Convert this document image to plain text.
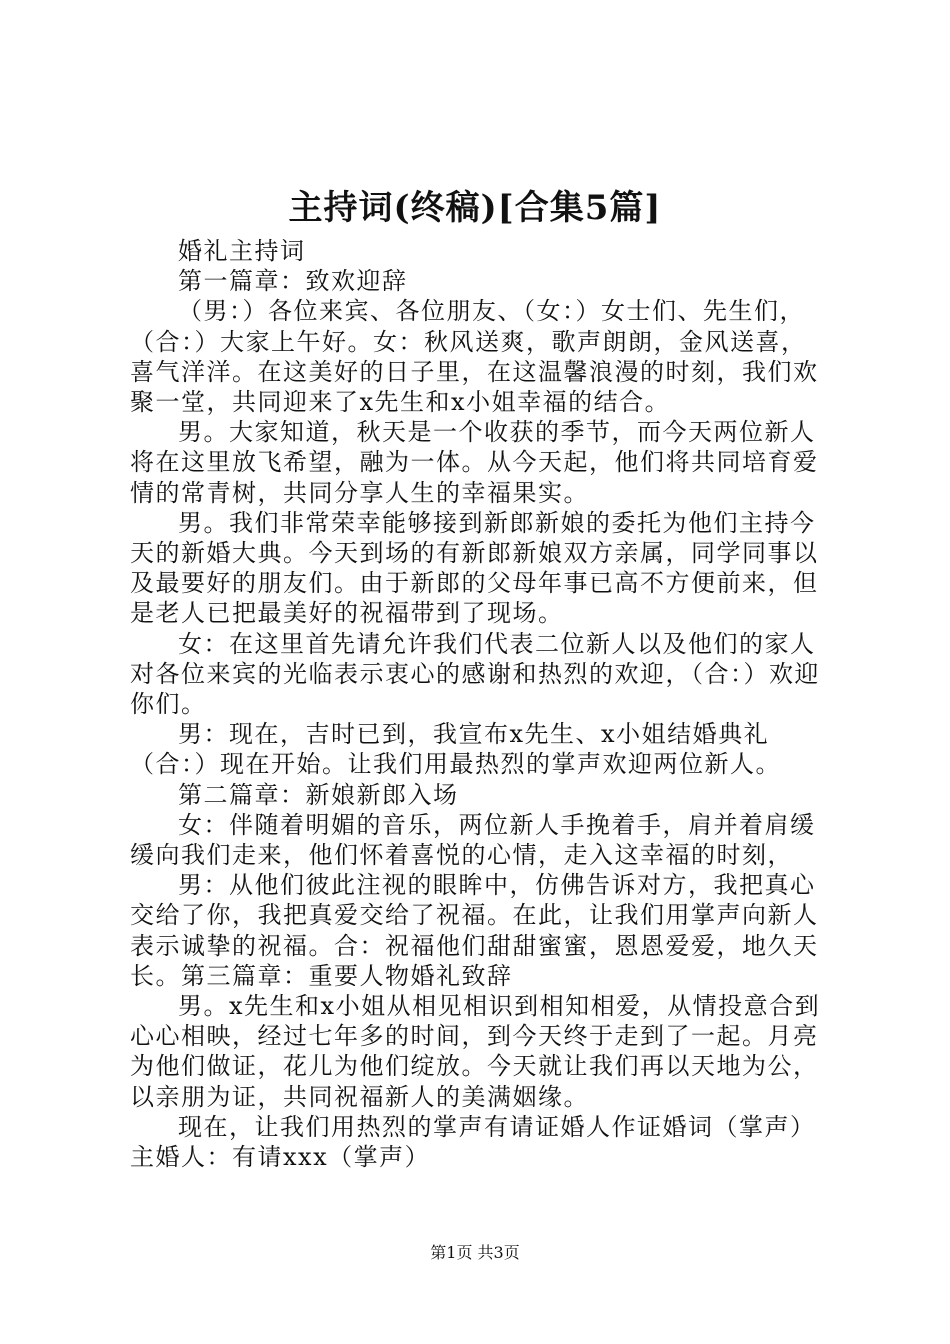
主持词(终稿)[合集5篇]

婚礼主持词

第一篇章：致欢迎辞

（男：）各位来宾、各位朋友、（女：）女士们、先生们，（合：）大家上午好。女：秋风送爽，歌声朗朗，金风送喜，喜气洋洋。在这美好的日子里，在这温馨浪漫的时刻，我们欢聚一堂，共同迎来了x先生和x小姐幸福的结合。

男。大家知道，秋天是一个收获的季节，而今天两位新人将在这里放飞希望，融为一体。从今天起，他们将共同培育爱情的常青树，共同分享人生的幸福果实。

男。我们非常荣幸能够接到新郎新娘的委托为他们主持今天的新婚大典。今天到场的有新郎新娘双方亲属，同学同事以及最要好的朋友们。由于新郎的父母年事已高不方便前来，但是老人已把最美好的祝福带到了现场。

女：在这里首先请允许我们代表二位新人以及他们的家人对各位来宾的光临表示衷心的感谢和热烈的欢迎，（合：）欢迎你们。

男：现在，吉时已到，我宣布x先生、x小姐结婚典礼（合：）现在开始。让我们用最热烈的掌声欢迎两位新人。

第二篇章：新娘新郎入场

女：伴随着明媚的音乐，两位新人手挽着手，肩并着肩缓缓向我们走来，他们怀着喜悦的心情，走入这幸福的时刻，

男：从他们彼此注视的眼眸中，仿佛告诉对方，我把真心交给了你，我把真爱交给了祝福。在此，让我们用掌声向新人表示诚挚的祝福。合：祝福他们甜甜蜜蜜，恩恩爱爱，地久天长。第三篇章：重要人物婚礼致辞

男。x先生和x小姐从相见相识到相知相爱，从情投意合到心心相映，经过七年多的时间，到今天终于走到了一起。月亮为他们做证，花儿为他们绽放。今天就让我们再以天地为公，以亲朋为证，共同祝福新人的美满姻缘。

现在，让我们用热烈的掌声有请证婚人作证婚词（掌声）主婚人：有请xxx（掌声）

第1页 共3页
